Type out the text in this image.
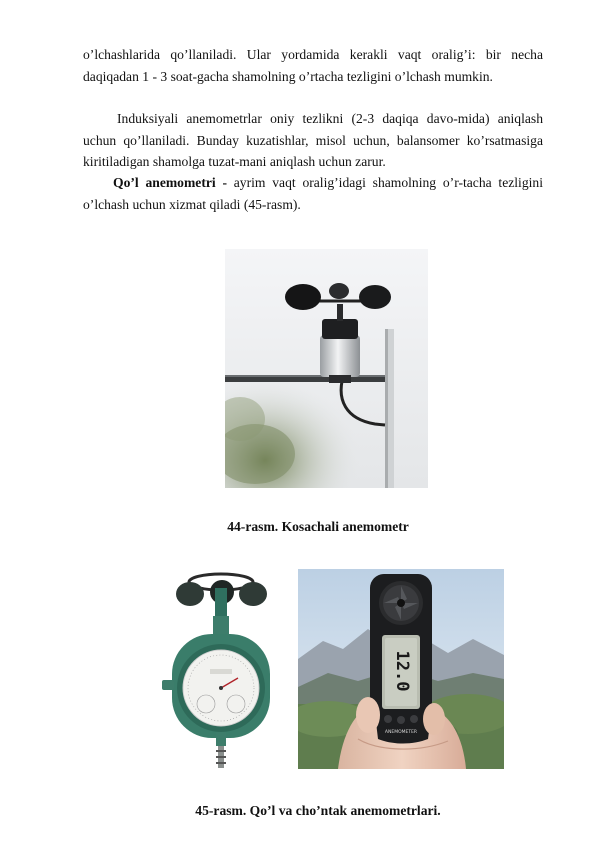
o’lchashlarida qo’llaniladi. Ular yordamida kerakli vaqt oralig’i: bir necha daqiqadan 1 - 3 soat-gacha shamolning o’rtacha tezligini o’lchash mumkin.

Induksiyali anemometrlar oniy tezlikni (2-3 daqiqa davo-mida) aniqlash uchun qo’llaniladi. Bunday kuzatishlar, misol uchun, balansomer ko’rsatmasiga kiritiladigan shamolga tuzat-mani aniqlash uchun zarur.

Qo’l anemometri - ayrim vaqt oralig’idagi shamolning o’r-tacha tezligini o’lchash uchun xizmat qiladi (45-rasm).

44-rasm. Kosachali anemometr

12.0
ANEMOMETER

45-rasm. Qo’l va cho’ntak anemometrlari.
